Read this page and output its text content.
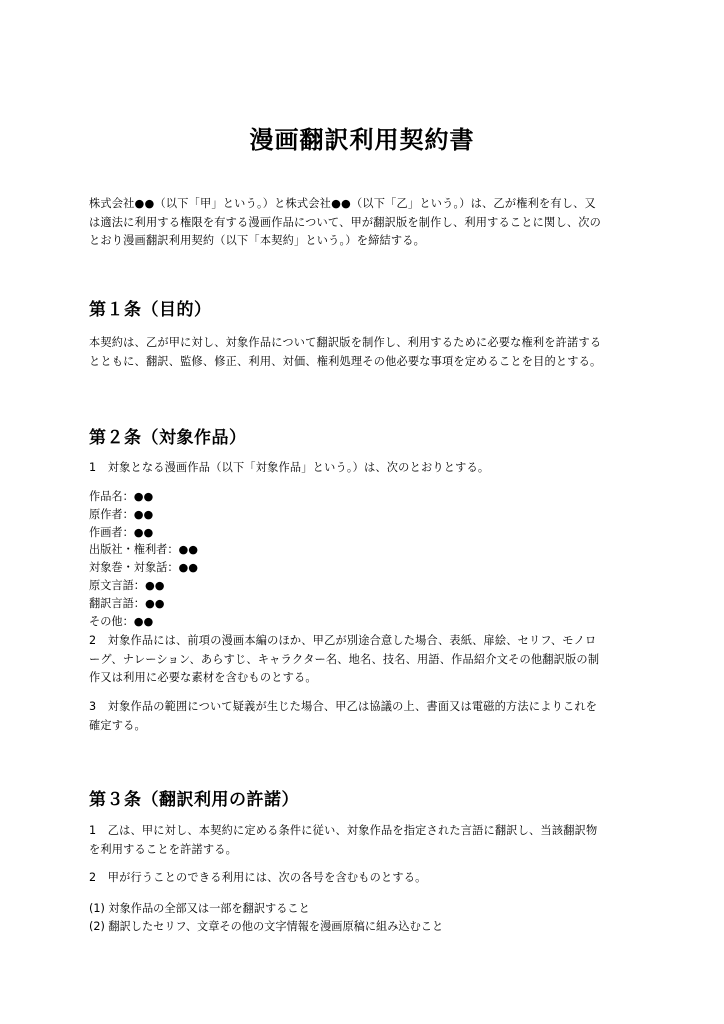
漫画翻訳利用契約書
株式会社●●（以下「甲」という。）と株式会社●●（以下「乙」という。）は、乙が権利を有し、又
は適法に利用する権限を有する漫画作品について、甲が翻訳版を制作し、利用することに関し、次の
とおり漫画翻訳利用契約（以下「本契約」という。）を締結する。
第１条（目的）
本契約は、乙が甲に対し、対象作品について翻訳版を制作し、利用するために必要な権利を許諾する
とともに、翻訳、監修、修正、利用、対価、権利処理その他必要な事項を定めることを目的とする。
第２条（対象作品）
1　対象となる漫画作品（以下「対象作品」という。）は、次のとおりとする。
作品名：●●
原作者：●●
作画者：●●
出版社・権利者：●●
対象巻・対象話：●●
原文言語：●●
翻訳言語：●●
その他：●●
2　対象作品には、前項の漫画本編のほか、甲乙が別途合意した場合、表紙、扉絵、セリフ、モノロ
ーグ、ナレーション、あらすじ、キャラクター名、地名、技名、用語、作品紹介文その他翻訳版の制
作又は利用に必要な素材を含むものとする。
3　対象作品の範囲について疑義が生じた場合、甲乙は協議の上、書面又は電磁的方法によりこれを
確定する。
第３条（翻訳利用の許諾）
1　乙は、甲に対し、本契約に定める条件に従い、対象作品を指定された言語に翻訳し、当該翻訳物
を利用することを許諾する。
2　甲が行うことのできる利用には、次の各号を含むものとする。
(1) 対象作品の全部又は一部を翻訳すること
(2) 翻訳したセリフ、文章その他の文字情報を漫画原稿に組み込むこと
